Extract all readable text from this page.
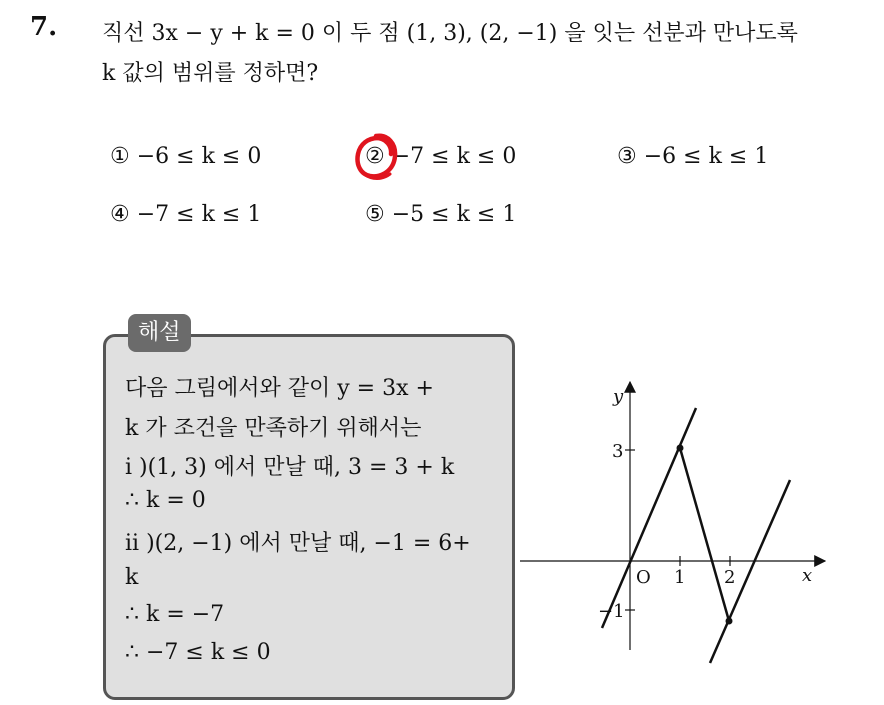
7. 직선 3x − y + k = 0 이 두 점 (1, 3), (2, −1) 을 잇는 선분과 만나도록
k 값의 범위를 정하면?
① −6 ≤ k ≤ 0	② −7 ≤ k ≤ 0	③ −6 ≤ k ≤ 1
④ −7 ≤ k ≤ 1	⑤ −5 ≤ k ≤ 1
해설
다음 그림에서와 같이 y = 3x +
k 가 조건을 만족하기 위해서는
i )(1, 3) 에서 만날 때, 3 = 3 + k
∴ k = 0
ii )(2, −1) 에서 만날 때, −1 = 6+
k
∴ k = −7
∴ −7 ≤ k ≤ 0
y
x
O 1 2
3
−1
